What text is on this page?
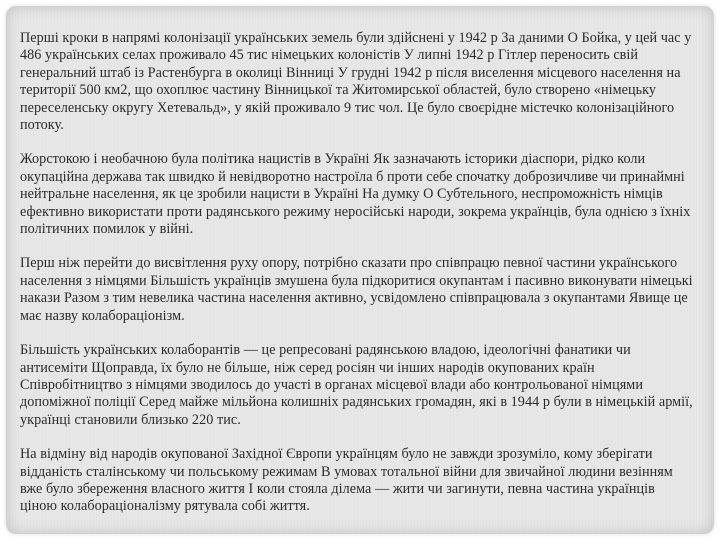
Перші кроки в напрямі колонізації українських земель були здійснені у 1942 р За даними О Бойка, у цей час у 486 українських селах проживало 45 тис німецьких колоністів У липні 1942 р Гітлер переносить свій генеральний штаб із Растенбурга в околиці Вінниці У грудні 1942 р після виселення місцевого населення на території 500 км2, що охоплює частину Вінницької та Житомирської областей, було створено «німецьку переселенську округу Хетевальд», у якій проживало 9 тис чол. Це було своєрідне містечко колонізаційного потоку.

Жорстокою і необачною була політика нацистів в Україні Як зазначають історики діаспори, рідко коли окупаційна держава так швидко й невідворотно настроїла б проти себе спочатку доброзичливе чи принаймні нейтральне населення, як це зробили нацисти в Україні На думку О Субтельного, неспроможність німців ефективно використати проти радянського режиму неросійські народи, зокрема українців, була однією з їхніх політичних помилок у війні.

Перш ніж перейти до висвітлення руху опору, потрібно сказати про співпрацю певної частини українського населення з німцями Більшість українців змушена була підкоритися окупантам і пасивно виконувати німецькі накази Разом з тим невелика частина населення активно, усвідомлено співпрацювала з окупантами Явище це має назву колабораціонізм.

Більшість українських колаборантів — це репресовані радянською владою, ідеологічні фанатики чи антисеміти Щоправда, їх було не більше, ніж серед росіян чи інших народів окупованих країн Співробітництво з німцями зводилось до участі в органах місцевої влади або контрольованої німцями допоміжної поліції Серед майже мільйона колишніх радянських громадян, які в 1944 р були в німецькій армії, українці становили близько 220 тис.

На відміну від народів окупованої Західної Європи українцям було не завжди зрозуміло, кому зберігати відданість сталінському чи польському режимам В умовах тотальної війни для звичайної людини везінням вже було збереження власного життя І коли стояла ділема — жити чи загинути, певна частина українців ціною колабораціоналізму рятувала собі життя.
